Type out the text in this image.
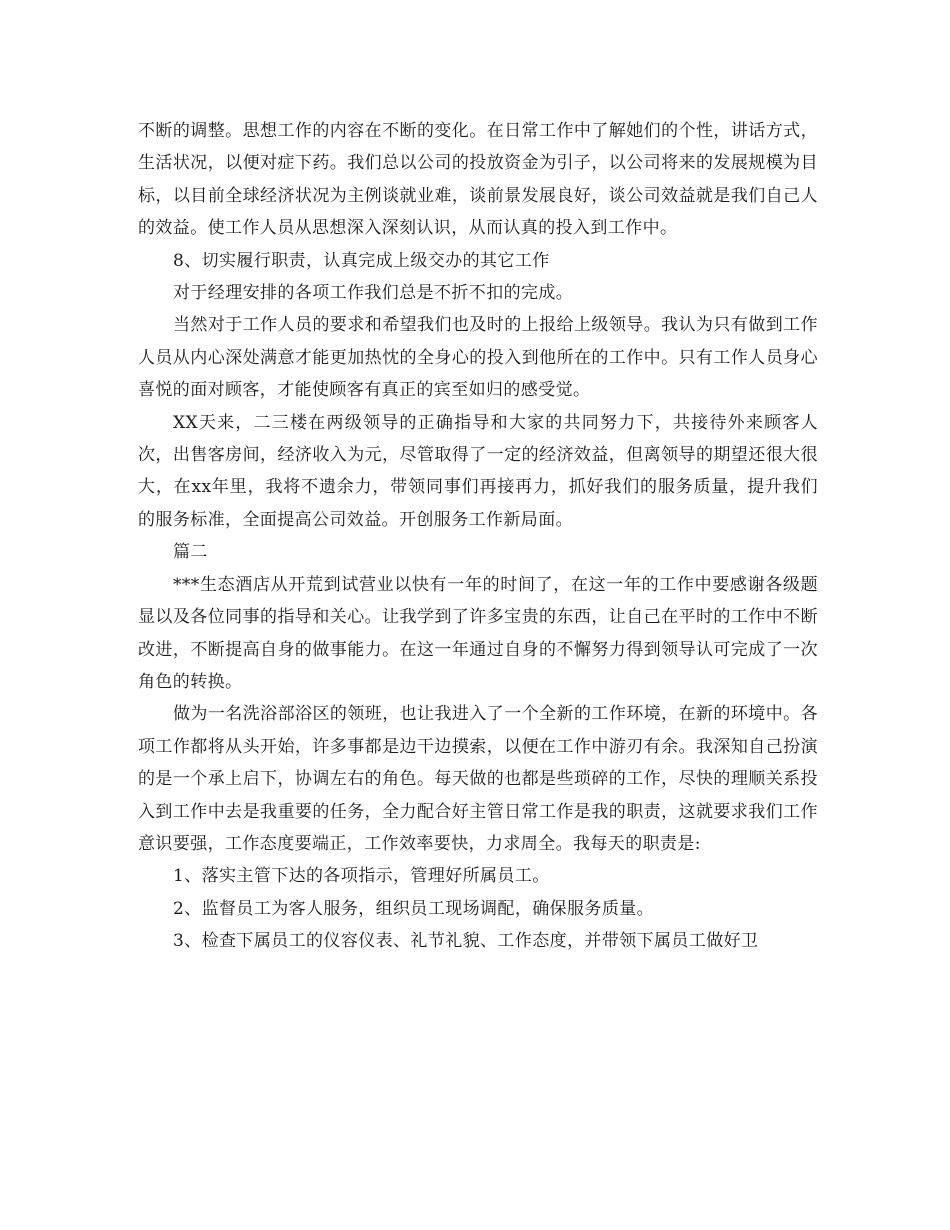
不断的调整。思想工作的内容在不断的变化。在日常工作中了解她们的个性，讲话方式，生活状况，以便对症下药。我们总以公司的投放资金为引子，以公司将来的发展规模为目标，以目前全球经济状况为主例谈就业难，谈前景发展良好，谈公司效益就是我们自己人的效益。使工作人员从思想深入深刻认识，从而认真的投入到工作中。

8、切实履行职责，认真完成上级交办的其它工作

对于经理安排的各项工作我们总是不折不扣的完成。

当然对于工作人员的要求和希望我们也及时的上报给上级领导。我认为只有做到工作人员从内心深处满意才能更加热忱的全身心的投入到他所在的工作中。只有工作人员身心喜悦的面对顾客，才能使顾客有真正的宾至如归的感受觉。

XX天来，二三楼在两级领导的正确指导和大家的共同努力下，共接待外来顾客人次，出售客房间，经济收入为元，尽管取得了一定的经济效益，但离领导的期望还很大很大，在xx年里，我将不遗余力，带领同事们再接再力，抓好我们的服务质量，提升我们的服务标准，全面提高公司效益。开创服务工作新局面。

篇二

***生态酒店从开荒到试营业以快有一年的时间了，在这一年的工作中要感谢各级题显以及各位同事的指导和关心。让我学到了许多宝贵的东西，让自己在平时的工作中不断改进，不断提高自身的做事能力。在这一年通过自身的不懈努力得到领导认可完成了一次角色的转换。

做为一名洗浴部浴区的领班，也让我进入了一个全新的工作环境，在新的环境中。各项工作都将从头开始，许多事都是边干边摸索，以便在工作中游刃有余。我深知自己扮演的是一个承上启下，协调左右的角色。每天做的也都是些琐碎的工作，尽快的理顺关系投入到工作中去是我重要的任务，全力配合好主管日常工作是我的职责，这就要求我们工作意识要强，工作态度要端正，工作效率要快，力求周全。我每天的职责是:

1、落实主管下达的各项指示，管理好所属员工。

2、监督员工为客人服务，组织员工现场调配，确保服务质量。

3、检查下属员工的仪容仪表、礼节礼貌、工作态度，并带领下属员工做好卫
